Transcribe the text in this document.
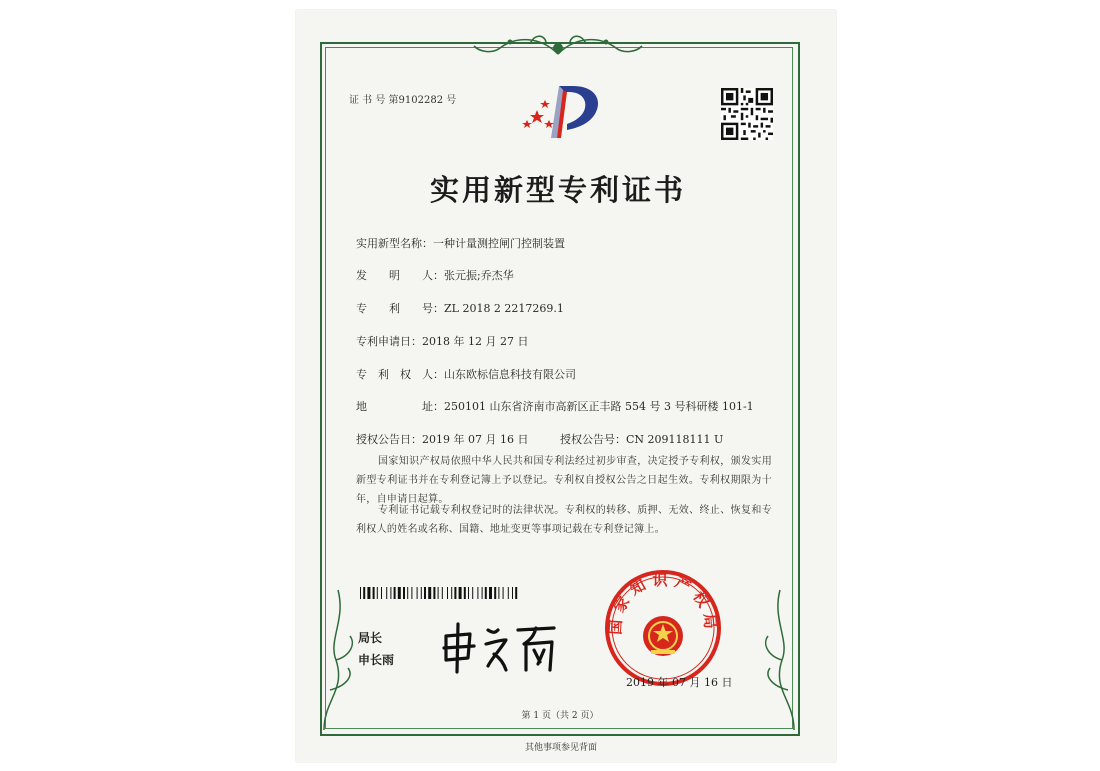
证 书 号 第9102282 号
实用新型专利证书
实用新型名称：一种计量测控闸门控制装置
发　　明　　人：张元振;乔杰华
专　　利　　号：ZL 2018 2 2217269.1
专利申请日：2018 年 12 月 27 日
专　利　权　人：山东欧标信息科技有限公司
地　　　　　址：250101 山东省济南市高新区正丰路 554 号 3 号科研楼 101-1
授权公告日：2019 年 07 月 16 日	授权公告号：CN 209118111 U
国家知识产权局依照中华人民共和国专利法经过初步审查，决定授予专利权，颁发实用新型专利证书并在专利登记簿上予以登记。专利权自授权公告之日起生效。专利权期限为十年，自申请日起算。
专利证书记载专利权登记时的法律状况。专利权的转移、质押、无效、终止、恢复和专利权人的姓名或名称、国籍、地址变更等事项记载在专利登记簿上。
局长
申长雨
国家知识产权局
2019 年 07 月 16 日
第 1 页（共 2 页）
其他事项参见背面
